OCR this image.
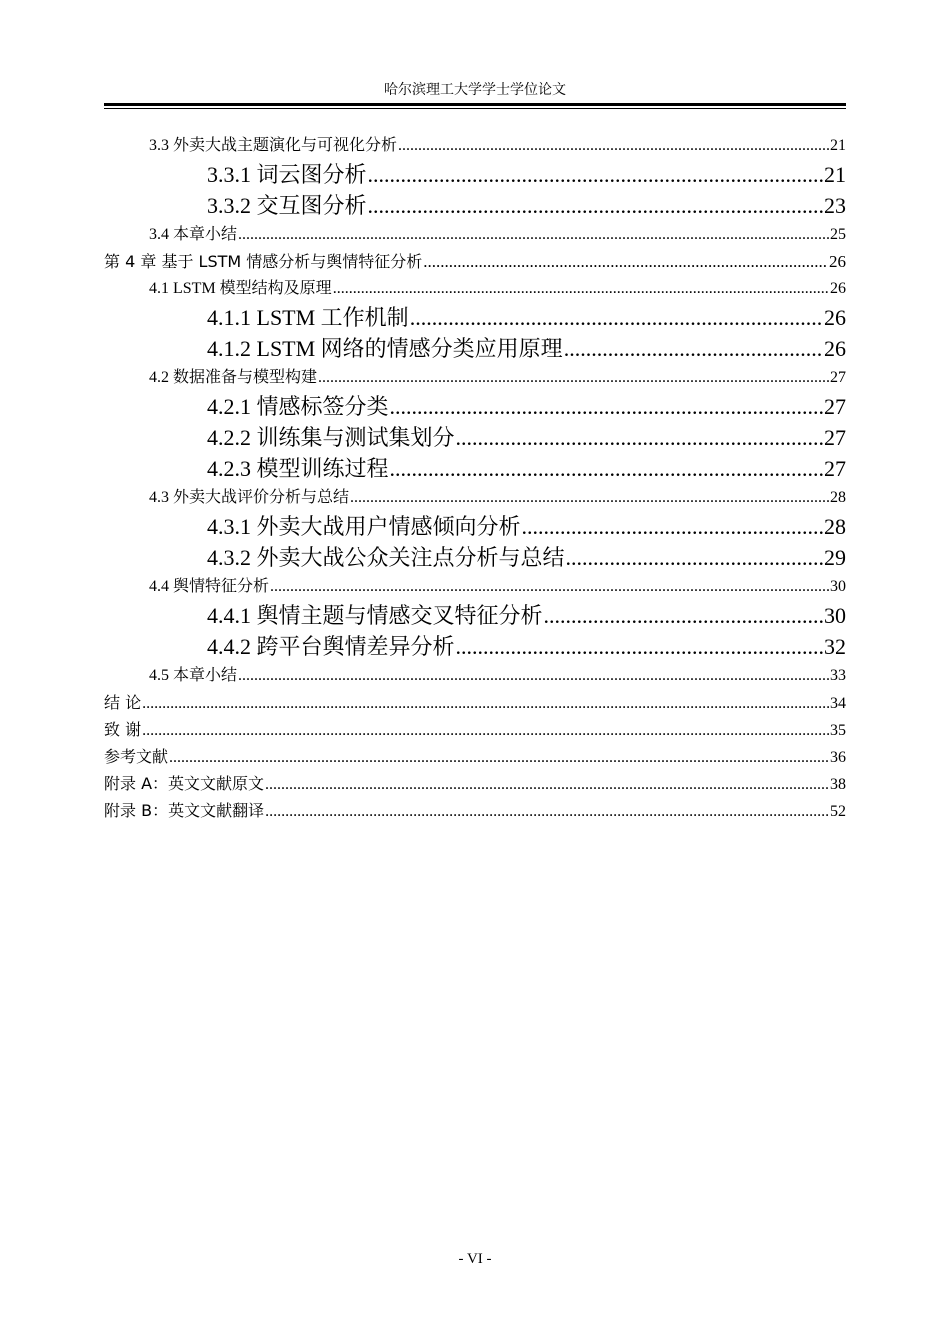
哈尔滨理工大学学士学位论文
3.3 外卖大战主题演化与可视化分析 .....	21
3.3.1 词云图分析 .....	21
3.3.2 交互图分析 .....	23
3.4 本章小结 .....	25
第 4 章 基于 LSTM 情感分析与舆情特征分析 .....	26
4.1 LSTM 模型结构及原理 .....	26
4.1.1 LSTM 工作机制 .....	26
4.1.2 LSTM 网络的情感分类应用原理 .....	26
4.2 数据准备与模型构建 .....	27
4.2.1 情感标签分类 .....	27
4.2.2 训练集与测试集划分 .....	27
4.2.3 模型训练过程 .....	27
4.3 外卖大战评价分析与总结 .....	28
4.3.1 外卖大战用户情感倾向分析 .....	28
4.3.2 外卖大战公众关注点分析与总结 .....	29
4.4 舆情特征分析 .....	30
4.4.1 舆情主题与情感交叉特征分析 .....	30
4.4.2 跨平台舆情差异分析 .....	32
4.5 本章小结 .....	33
结 论 .....	34
致 谢 .....	35
参考文献 .....	36
附录 A：英文文献原文 .....	38
附录 B：英文文献翻译 .....	52
- VI -
